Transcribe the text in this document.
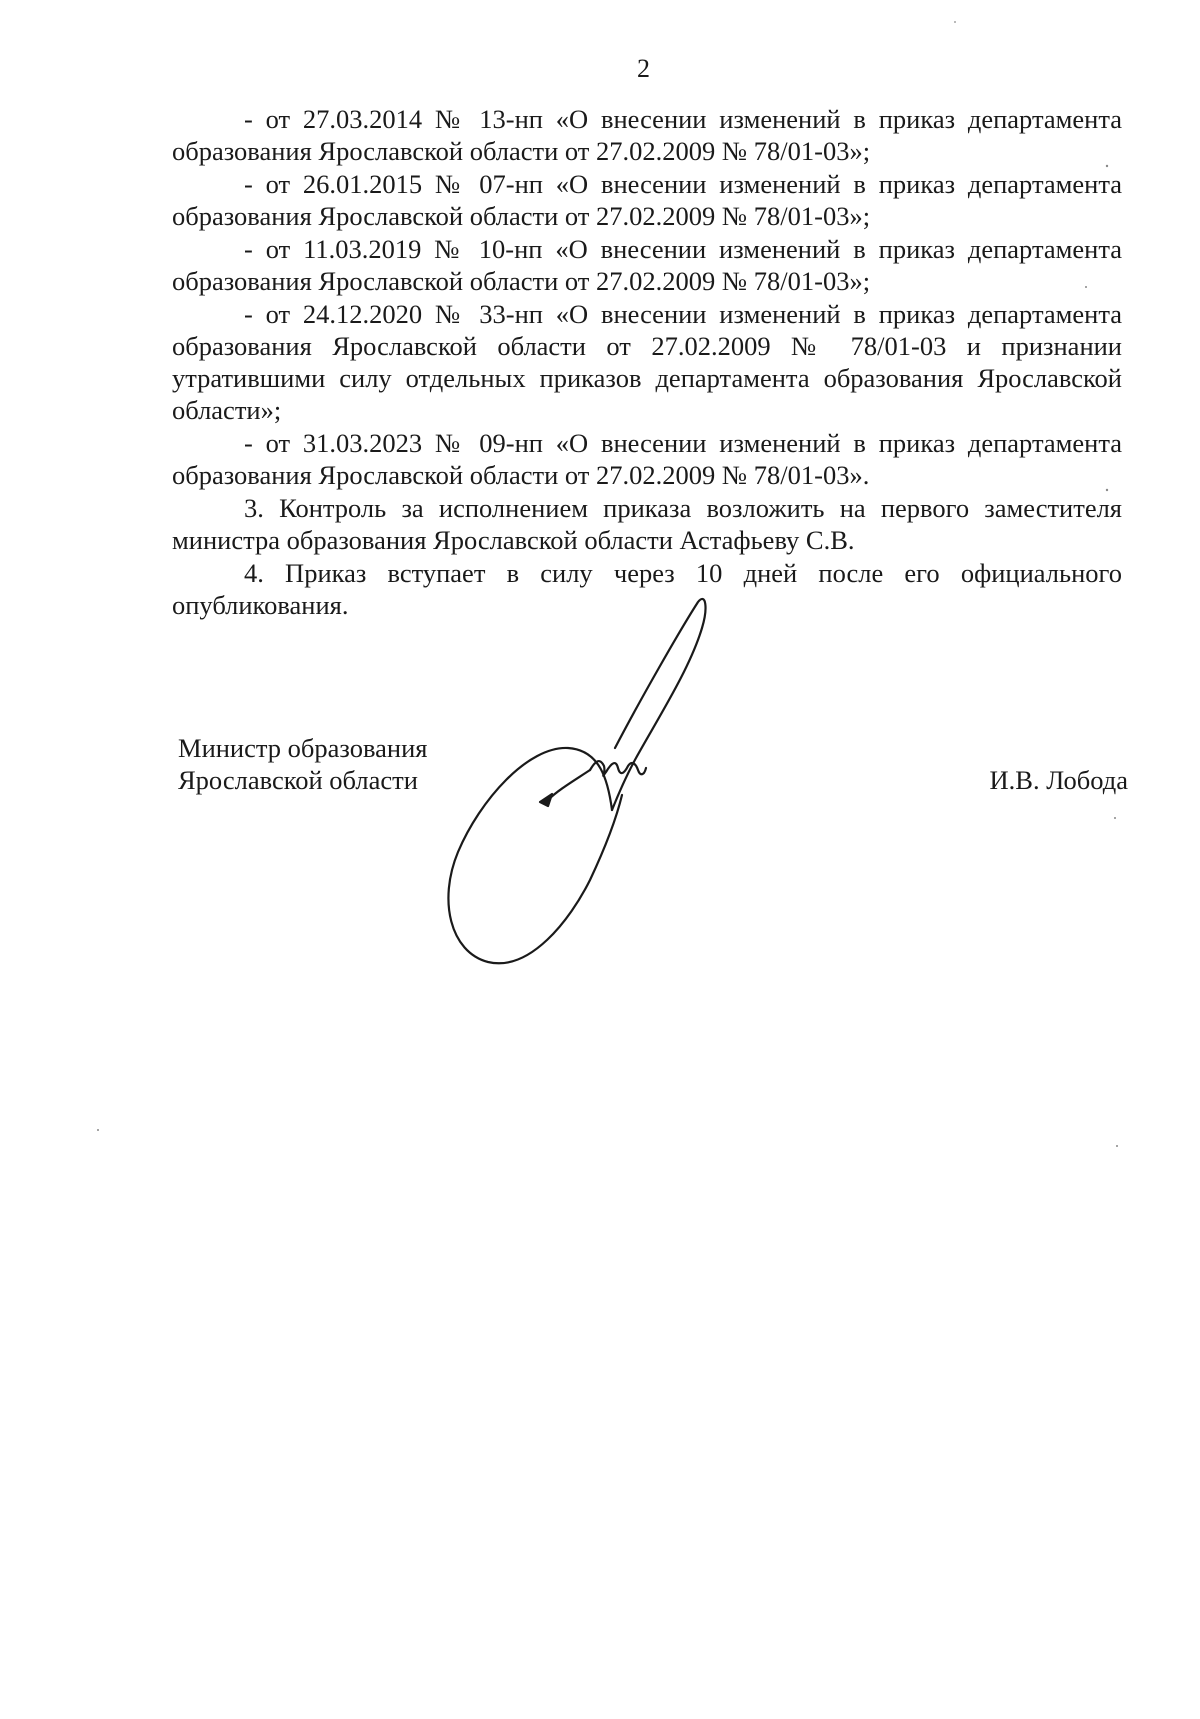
2

- от 27.03.2014 № 13-нп «О внесении изменений в приказ департамента образования Ярославской области от 27.02.2009 № 78/01-03»;

- от 26.01.2015 № 07-нп «О внесении изменений в приказ департамента образования Ярославской области от 27.02.2009 № 78/01-03»;

- от 11.03.2019 № 10-нп «О внесении изменений в приказ департамента образования Ярославской области от 27.02.2009 № 78/01-03»;

- от 24.12.2020 № 33-нп «О внесении изменений в приказ департамента образования Ярославской области от 27.02.2009 № 78/01-03 и признании утратившими силу отдельных приказов департамента образования Ярославской области»;

- от 31.03.2023 № 09-нп «О внесении изменений в приказ департамента образования Ярославской области от 27.02.2009 № 78/01-03».

3. Контроль за исполнением приказа возложить на первого заместителя министра образования Ярославской области Астафьеву С.В.

4. Приказ вступает в силу через 10 дней после его официального опубликования.

Министр образования
Ярославской области	И.В. Лобода
